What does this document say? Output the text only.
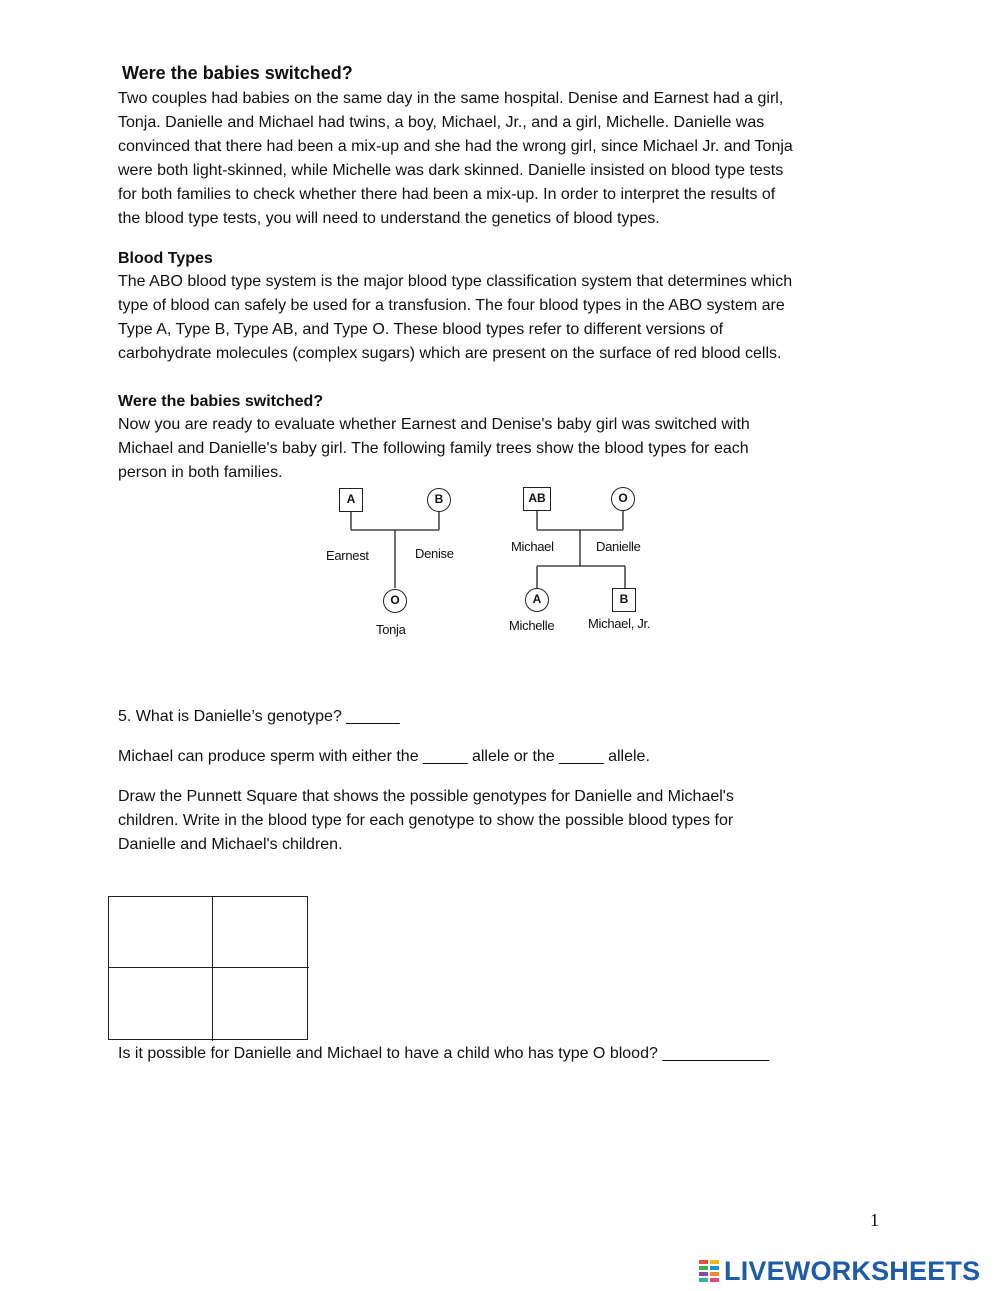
Were the babies switched?
Two couples had babies on the same day in the same hospital. Denise and Earnest had a girl,
Tonja. Danielle and Michael had twins, a boy, Michael, Jr., and a girl, Michelle. Danielle was
convinced that there had been a mix-up and she had the wrong girl, since Michael Jr. and Tonja
were both light-skinned, while Michelle was dark skinned. Danielle insisted on blood type tests
for both families to check whether there had been a mix-up. In order to interpret the results of
the blood type tests, you will need to understand the genetics of blood types.
Blood Types
The ABO blood type system is the major blood type classification system that determines which
type of blood can safely be used for a transfusion. The four blood types in the ABO system are
Type A, Type B, Type AB, and Type O. These blood types refer to different versions of
carbohydrate molecules (complex sugars) which are present on the surface of red blood cells.
Were the babies switched?
Now you are ready to evaluate whether Earnest and Denise's baby girl was switched with
Michael and Danielle's baby girl. The following family trees show the blood types for each
person in both families.
A	B
Earnest	Denise
O
Tonja
AB	O
Michael	Danielle
A	B
Michelle	Michael, Jr.
5. What is Danielle’s genotype? ______
Michael can produce sperm with either the _____ allele or the _____ allele.
Draw the Punnett Square that shows the possible genotypes for Danielle and Michael's
children. Write in the blood type for each genotype to show the possible blood types for
Danielle and Michael's children.
Is it possible for Danielle and Michael to have a child who has type O blood? ____________
1
LIVEWORKSHEETS
